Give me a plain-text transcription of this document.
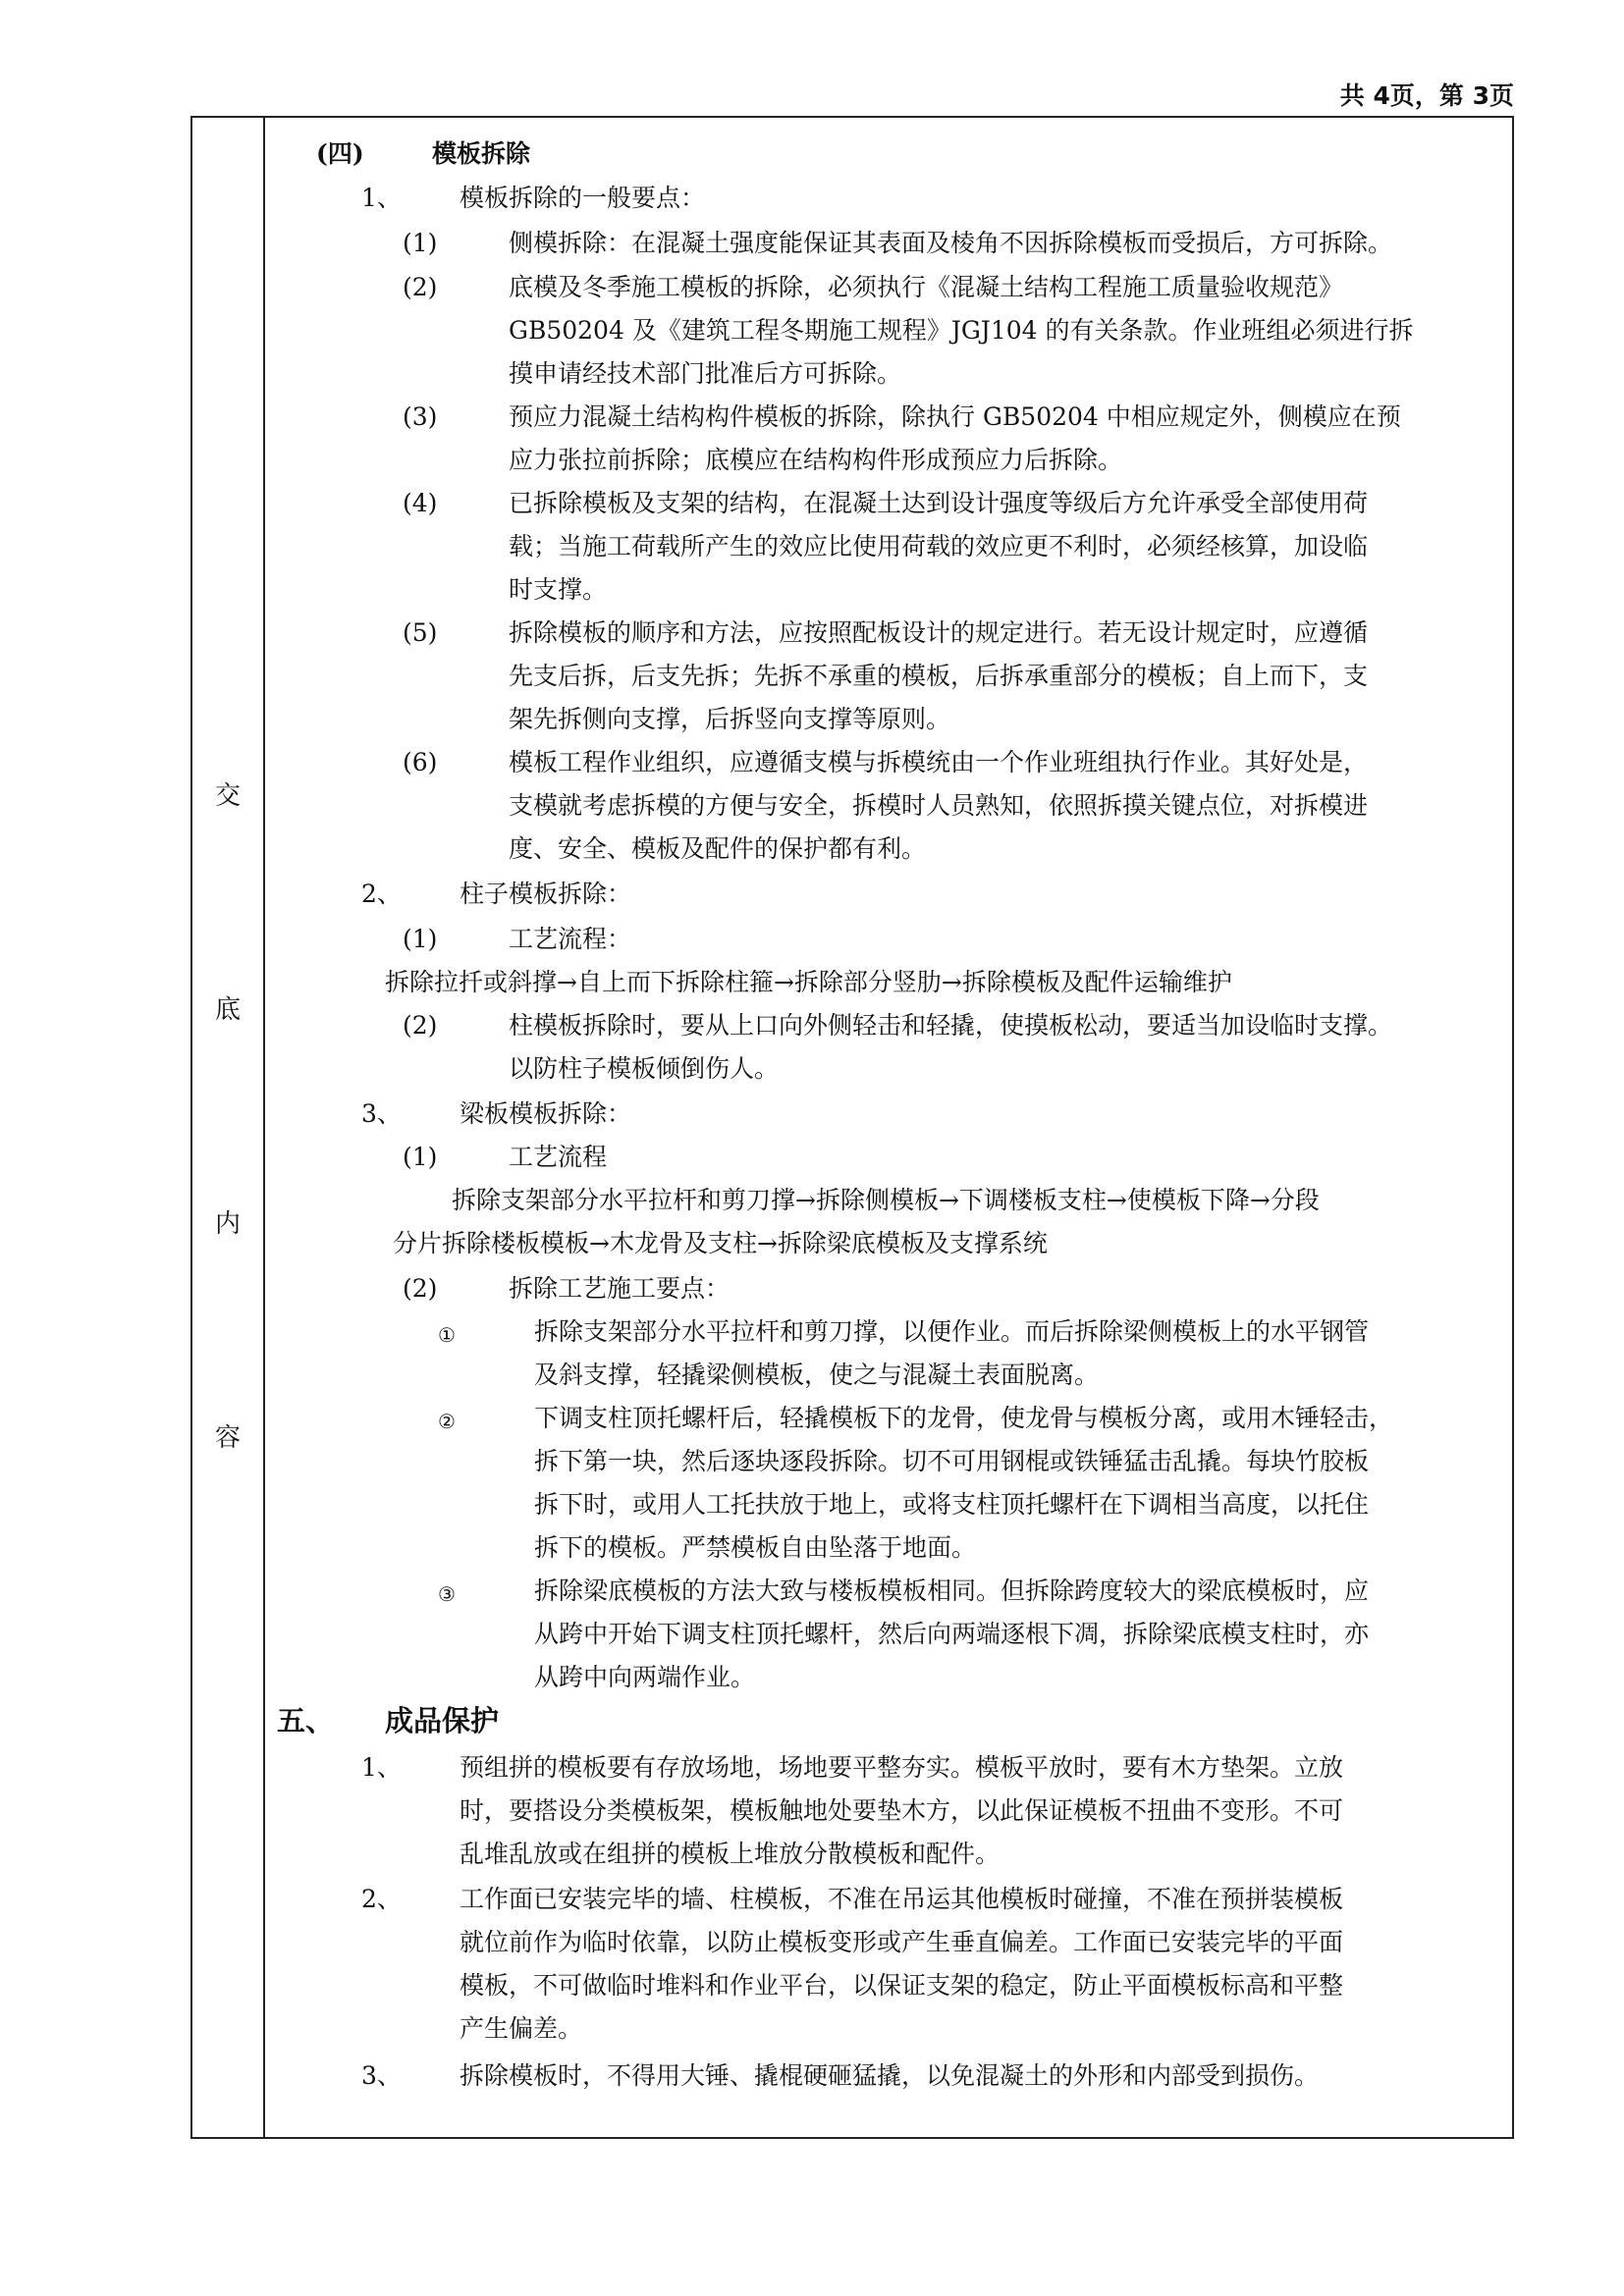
共 4页，第 3页
交
底
内
容
(四)	模板拆除
1、 模板拆除的一般要点：
(1)	侧模拆除：在混凝土强度能保证其表面及棱角不因拆除模板而受损后，方可拆除。
(2)	底模及冬季施工模板的拆除，必须执行《混凝土结构工程施工质量验收规范》
GB50204 及《建筑工程冬期施工规程》JGJ104 的有关条款。作业班组必须进行拆
摸申请经技术部门批准后方可拆除。
(3)	预应力混凝土结构构件模板的拆除，除执行 GB50204 中相应规定外，侧模应在预
应力张拉前拆除；底模应在结构构件形成预应力后拆除。
(4)	已拆除模板及支架的结构，在混凝土达到设计强度等级后方允许承受全部使用荷
载；当施工荷载所产生的效应比使用荷载的效应更不利时，必须经核算，加设临
时支撑。
(5)	拆除模板的顺序和方法，应按照配板设计的规定进行。若无设计规定时，应遵循
先支后拆，后支先拆；先拆不承重的模板，后拆承重部分的模板；自上而下，支
架先拆侧向支撑，后拆竖向支撑等原则。
(6)	模板工程作业组织，应遵循支模与拆模统由一个作业班组执行作业。其好处是，
支模就考虑拆模的方便与安全，拆模时人员熟知，依照拆摸关键点位，对拆模进
度、安全、模板及配件的保护都有利。
2、 柱子模板拆除：
(1)	工艺流程：
拆除拉扦或斜撑→自上而下拆除柱箍→拆除部分竖肋→拆除模板及配件运输维护
(2)	柱模板拆除时，要从上口向外侧轻击和轻撬，使摸板松动，要适当加设临时支撑。
以防柱子模板倾倒伤人。
3、 梁板模板拆除：
(1)	工艺流程
拆除支架部分水平拉杆和剪刀撑→拆除侧模板→下调楼板支柱→使模板下降→分段
分片拆除楼板模板→木龙骨及支柱→拆除梁底模板及支撑系统
(2)	拆除工艺施工要点：
①	拆除支架部分水平拉杆和剪刀撑，以便作业。而后拆除梁侧模板上的水平钢管
及斜支撑，轻撬梁侧模板，使之与混凝土表面脱离。
②	下调支柱顶托螺杆后，轻撬模板下的龙骨，使龙骨与模板分离，或用木锤轻击，
拆下第一块，然后逐块逐段拆除。切不可用钢棍或铁锤猛击乱撬。每块竹胶板
拆下时，或用人工托扶放于地上，或将支柱顶托螺杆在下调相当高度，以托住
拆下的模板。严禁模板自由坠落于地面。
③	拆除梁底模板的方法大致与楼板模板相同。但拆除跨度较大的梁底模板时，应
从跨中开始下调支柱顶托螺杆，然后向两端逐根下凋，拆除梁底模支柱时，亦
从跨中向两端作业。
五、 成品保护
1、 预组拼的模板要有存放场地，场地要平整夯实。模板平放时，要有木方垫架。立放
时，要搭设分类模板架，模板触地处要垫木方，以此保证模板不扭曲不变形。不可
乱堆乱放或在组拼的模板上堆放分散模板和配件。
2、 工作面已安装完毕的墙、柱模板，不准在吊运其他模板时碰撞，不准在预拼装模板
就位前作为临时依靠，以防止模板变形或产生垂直偏差。工作面已安装完毕的平面
模板，不可做临时堆料和作业平台，以保证支架的稳定，防止平面模板标高和平整
产生偏差。
3、 拆除模板时，不得用大锤、撬棍硬砸猛撬，以免混凝土的外形和内部受到损伤。
